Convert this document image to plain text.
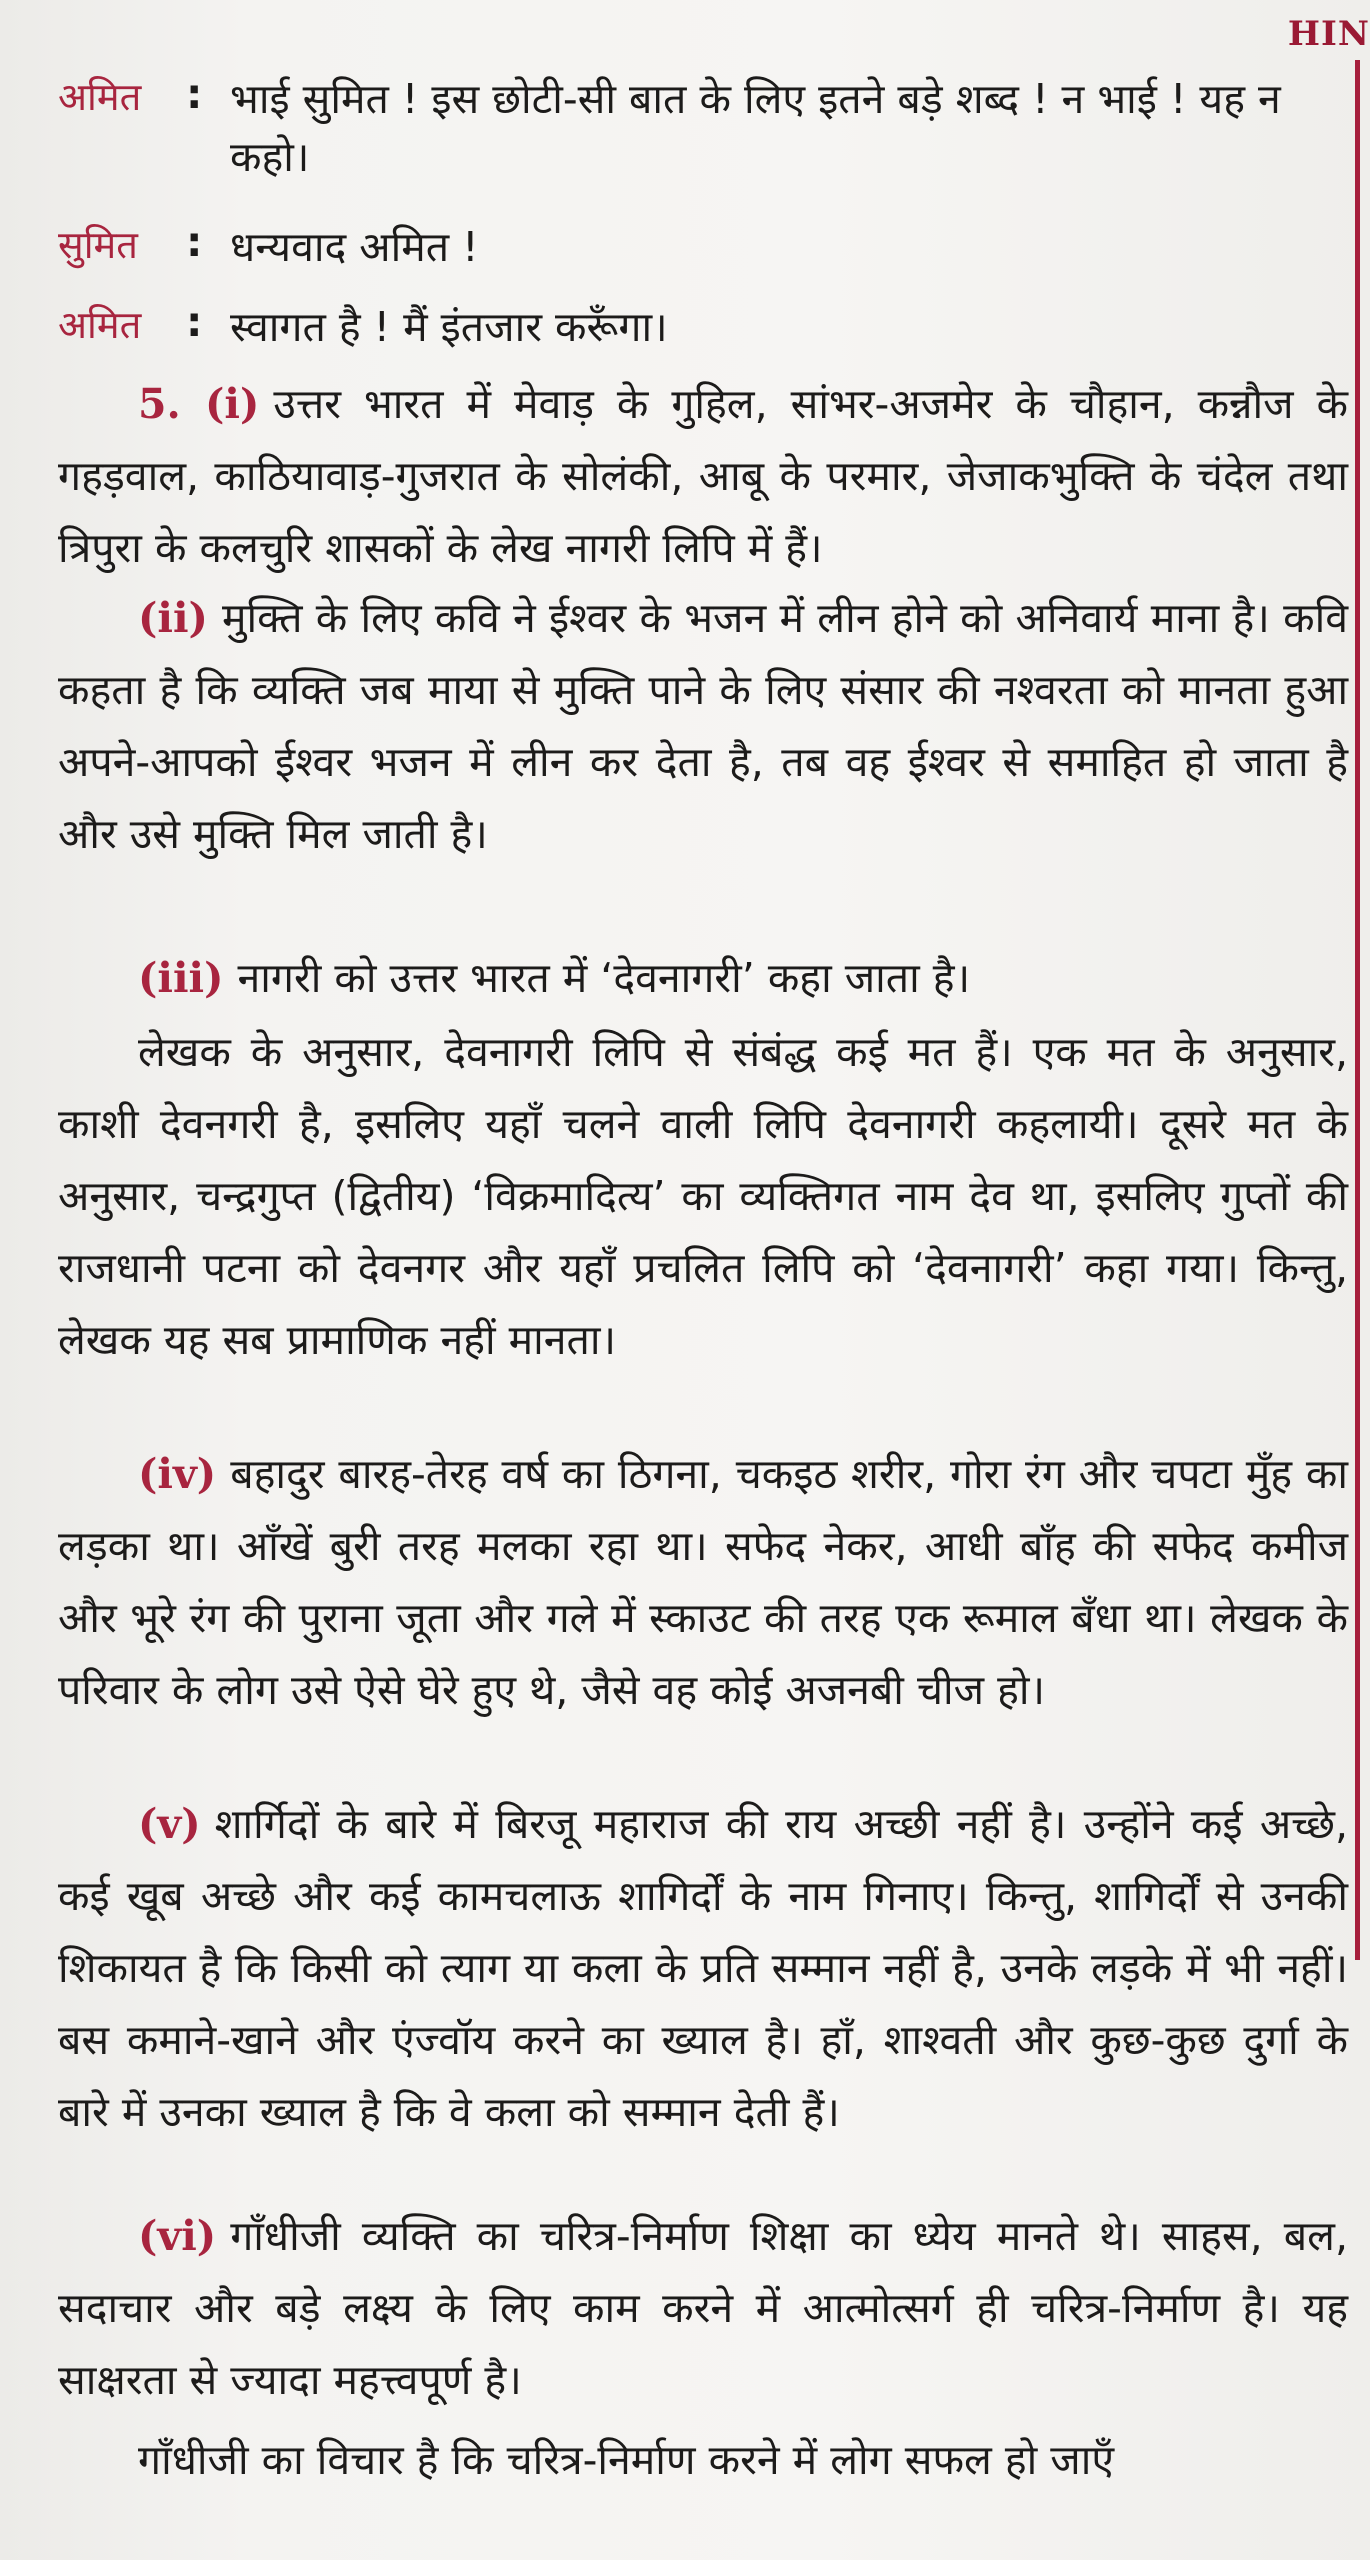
HIN
अमित : भाई सुमित ! इस छोटी-सी बात के लिए इतने बड़े शब्द ! न भाई ! यह न कहो।
सुमित : धन्यवाद अमित !
अमित : स्वागत है ! मैं इंतजार करूँगा।
5. (i) उत्तर भारत में मेवाड़ के गुहिल, सांभर-अजमेर के चौहान, कन्नौज के गहड़वाल, काठियावाड़-गुजरात के सोलंकी, आबू के परमार, जेजाकभुक्ति के चंदेल तथा त्रिपुरा के कलचुरि शासकों के लेख नागरी लिपि में हैं।
(ii) मुक्ति के लिए कवि ने ईश्वर के भजन में लीन होने को अनिवार्य माना है। कवि कहता है कि व्यक्ति जब माया से मुक्ति पाने के लिए संसार की नश्वरता को मानता हुआ अपने-आपको ईश्वर भजन में लीन कर देता है, तब वह ईश्वर से समाहित हो जाता है और उसे मुक्ति मिल जाती है।
(iii) नागरी को उत्तर भारत में ‘देवनागरी’ कहा जाता है।
लेखक के अनुसार, देवनागरी लिपि से संबंद्ध कई मत हैं। एक मत के अनुसार, काशी देवनगरी है, इसलिए यहाँ चलने वाली लिपि देवनागरी कहलायी। दूसरे मत के अनुसार, चन्द्रगुप्त (द्वितीय) ‘विक्रमादित्य’ का व्यक्तिगत नाम देव था, इसलिए गुप्तों की राजधानी पटना को देवनगर और यहाँ प्रचलित लिपि को ‘देवनागरी’ कहा गया। किन्तु, लेखक यह सब प्रामाणिक नहीं मानता।
(iv) बहादुर बारह-तेरह वर्ष का ठिगना, चकइठ शरीर, गोरा रंग और चपटा मुँह का लड़का था। आँखें बुरी तरह मलका रहा था। सफेद नेकर, आधी बाँह की सफेद कमीज और भूरे रंग की पुराना जूता और गले में स्काउट की तरह एक रूमाल बँधा था। लेखक के परिवार के लोग उसे ऐसे घेरे हुए थे, जैसे वह कोई अजनबी चीज हो।
(v) शार्गिदों के बारे में बिरजू महाराज की राय अच्छी नहीं है। उन्होंने कई अच्छे, कई खूब अच्छे और कई कामचलाऊ शागिर्दों के नाम गिनाए। किन्तु, शागिर्दों से उनकी शिकायत है कि किसी को त्याग या कला के प्रति सम्मान नहीं है, उनके लड़के में भी नहीं। बस कमाने-खाने और एंज्वॉय करने का ख्याल है। हाँ, शाश्वती और कुछ-कुछ दुर्गा के बारे में उनका ख्याल है कि वे कला को सम्मान देती हैं।
(vi) गाँधीजी व्यक्ति का चरित्र-निर्माण शिक्षा का ध्येय मानते थे। साहस, बल, सदाचार और बड़े लक्ष्य के लिए काम करने में आत्मोत्सर्ग ही चरित्र-निर्माण है। यह साक्षरता से ज्यादा महत्त्वपूर्ण है।
गाँधीजी का विचार है कि चरित्र-निर्माण करने में लोग सफल हो जाएँ
